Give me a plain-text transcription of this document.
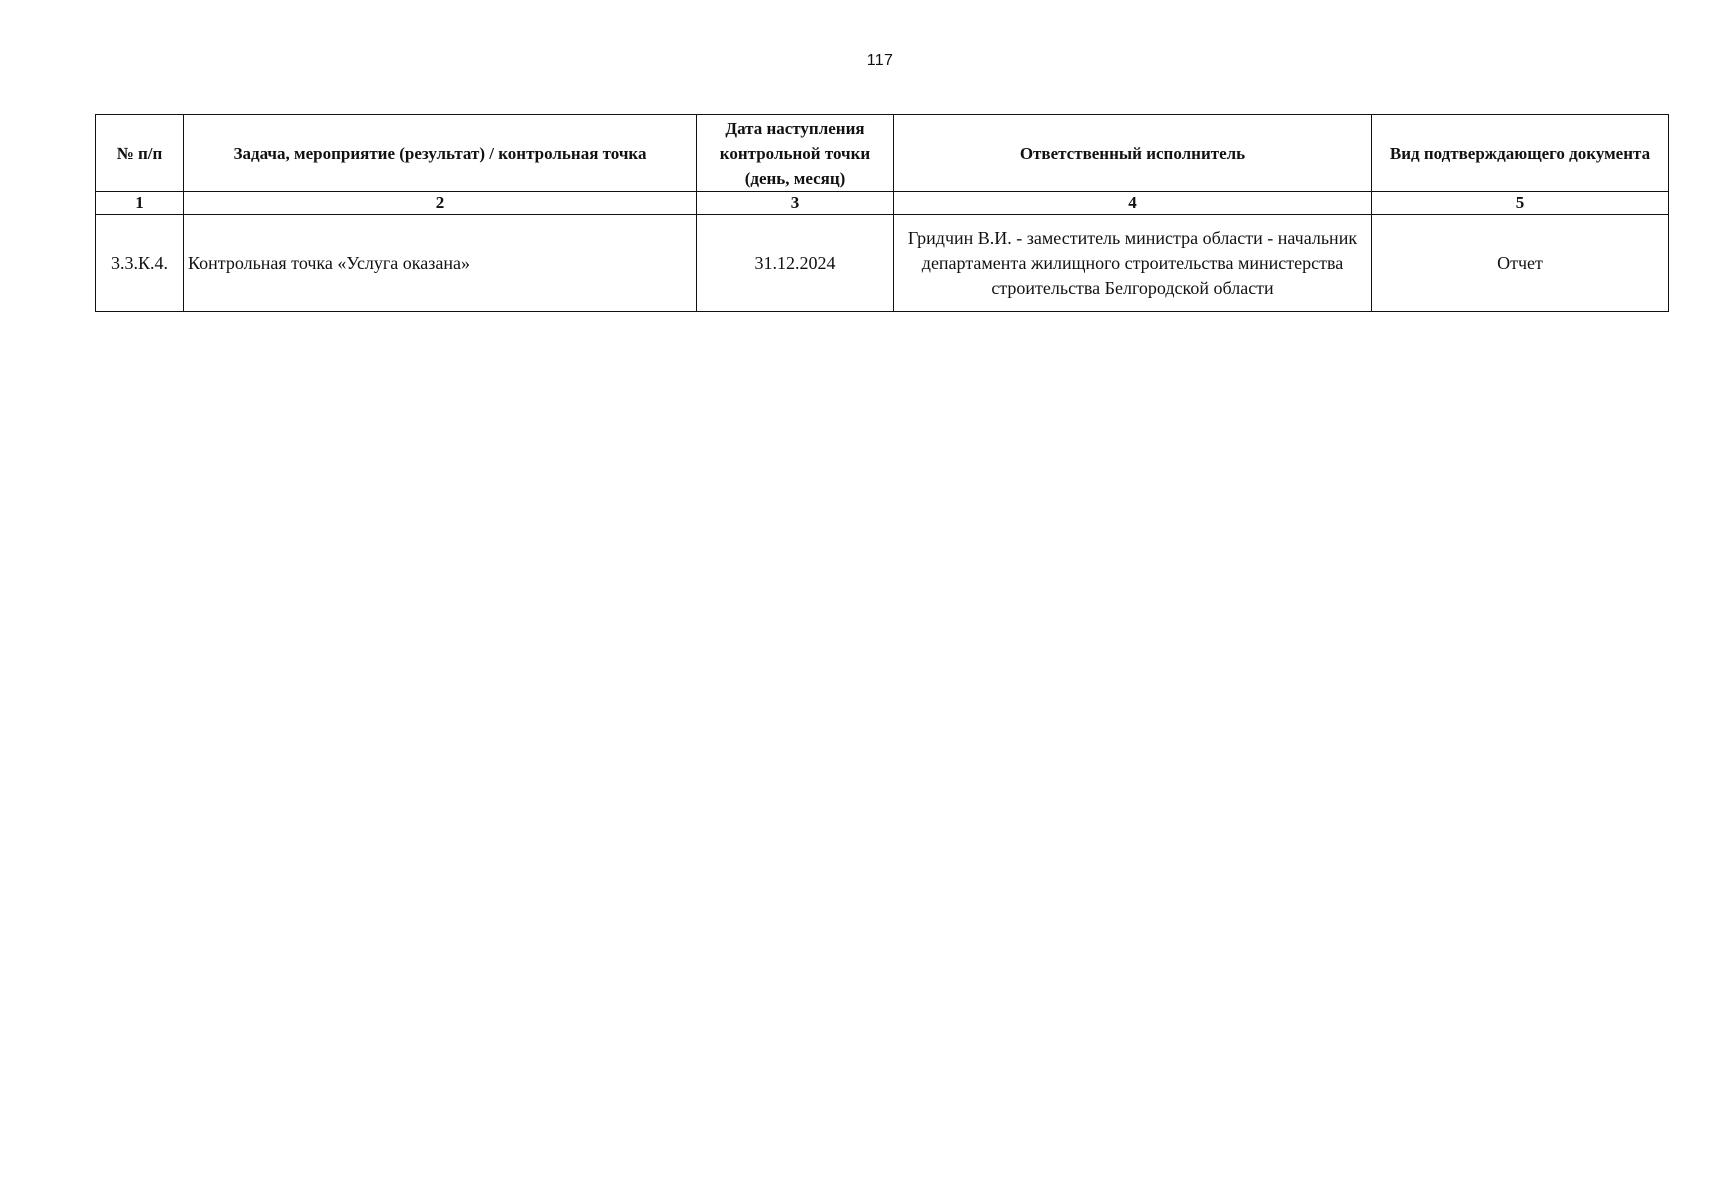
117
№ п/п	Задача, мероприятие (результат) / контрольная точка	Дата наступления контрольной точки (день, месяц)	Ответственный исполнитель	Вид подтверждающего документа
1	2	3	4	5
3.3.К.4.	Контрольная точка «Услуга оказана»	31.12.2024	Гридчин В.И. - заместитель министра области - начальник департамента жилищного строительства министерства строительства Белгородской области	Отчет
